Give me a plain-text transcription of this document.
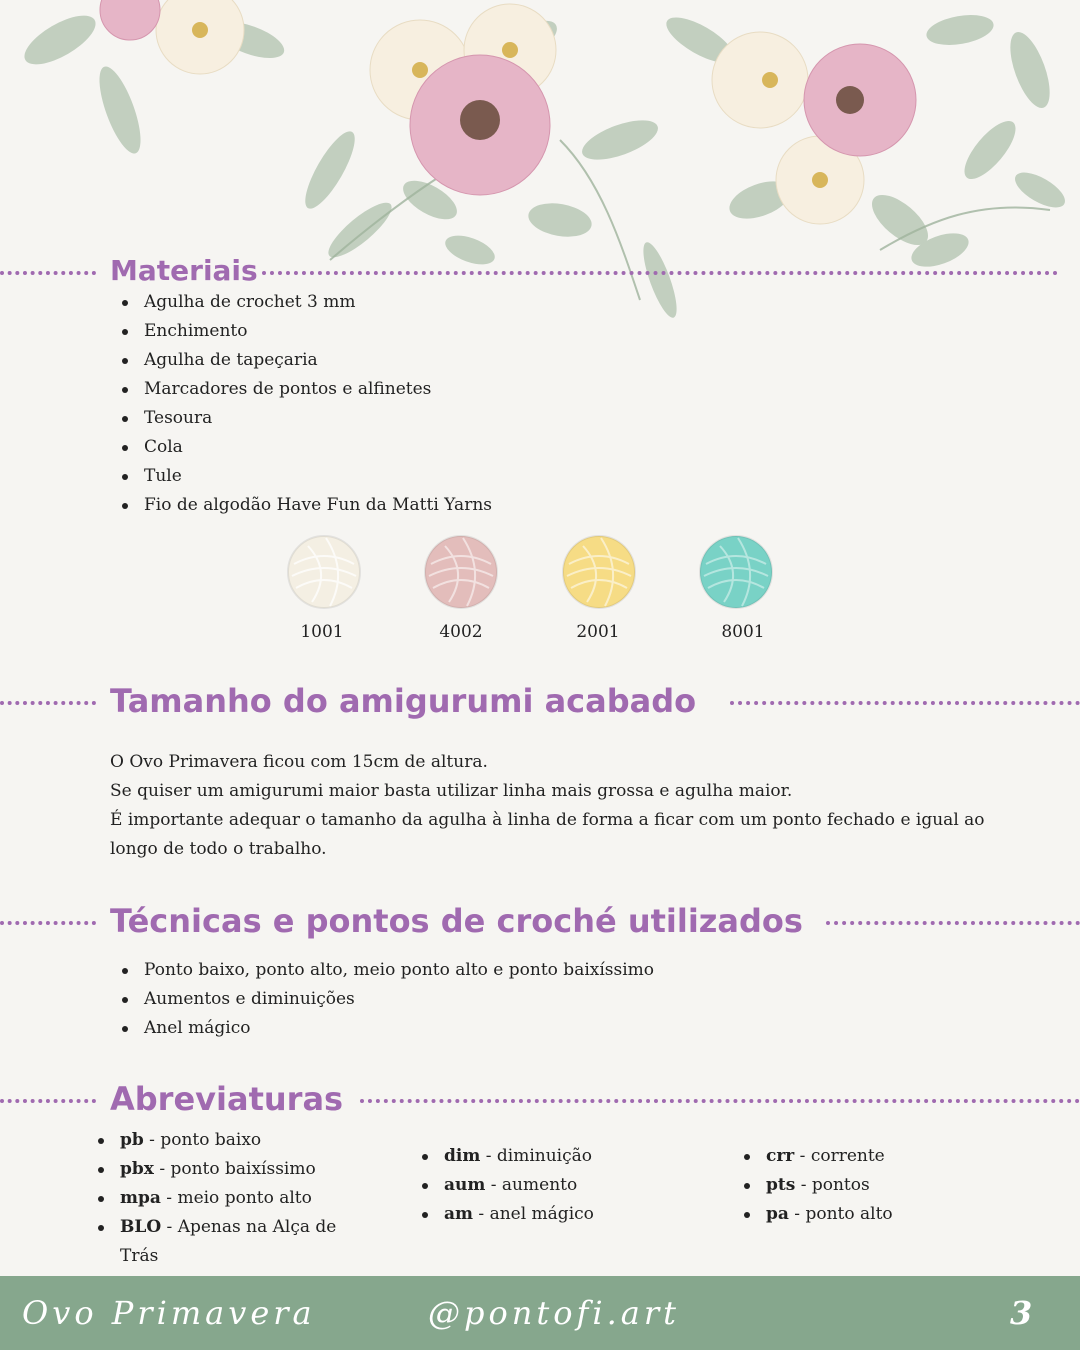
Materiais
Agulha de crochet 3 mm
Enchimento
Agulha de tapeçaria
Marcadores de pontos e alfinetes
Tesoura
Cola
Tule
Fio de algodão Have Fun da Matti Yarns
1001	4002	2001	8001
Tamanho do amigurumi acabado

O Ovo Primavera ficou com 15cm de altura.

Se quiser um amigurumi maior basta utilizar linha mais grossa e agulha maior.

É importante adequar o tamanho da agulha à linha de forma a ficar com um ponto fechado e igual ao

longo de todo o trabalho.

Técnicas e pontos de croché utilizados
Ponto baixo, ponto alto, meio ponto alto e ponto baixíssimo
Aumentos e diminuições
Anel mágico
Abreviaturas
pb - ponto baixo
pbx - ponto baixíssimo
mpa - meio ponto alto
BLO - Apenas na Alça de Trás
dim - diminuição
aum - aumento
am - anel mágico
crr - corrente
pts - pontos
pa - ponto alto
Ovo Primavera	@pontofi.art	3
